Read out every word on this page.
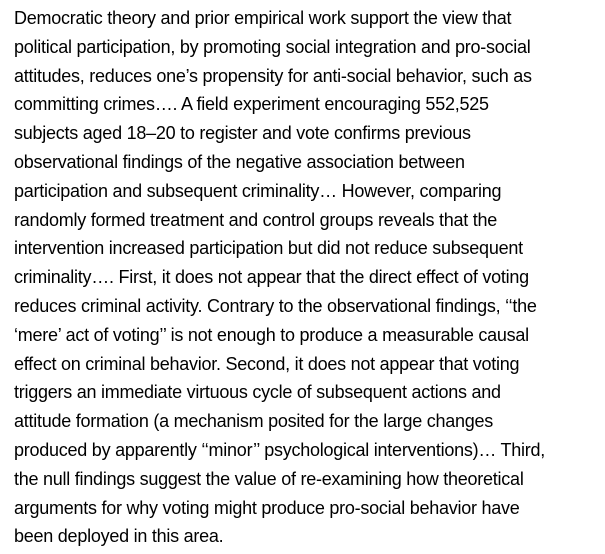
Democratic theory and prior empirical work support the view that
political participation, by promoting social integration and pro-social
attitudes, reduces one’s propensity for anti-social behavior, such as
committing crimes…. A field experiment encouraging 552,525
subjects aged 18–20 to register and vote confirms previous
observational findings of the negative association between
participation and subsequent criminality… However, comparing
randomly formed treatment and control groups reveals that the
intervention increased participation but did not reduce subsequent
criminality…. First, it does not appear that the direct effect of voting
reduces criminal activity. Contrary to the observational findings, ‘‘the
‘mere’ act of voting’’ is not enough to produce a measurable causal
effect on criminal behavior. Second, it does not appear that voting
triggers an immediate virtuous cycle of subsequent actions and
attitude formation (a mechanism posited for the large changes
produced by apparently ‘‘minor’’ psychological interventions)… Third,
the null findings suggest the value of re-examining how theoretical
arguments for why voting might produce pro-social behavior have
been deployed in this area.
